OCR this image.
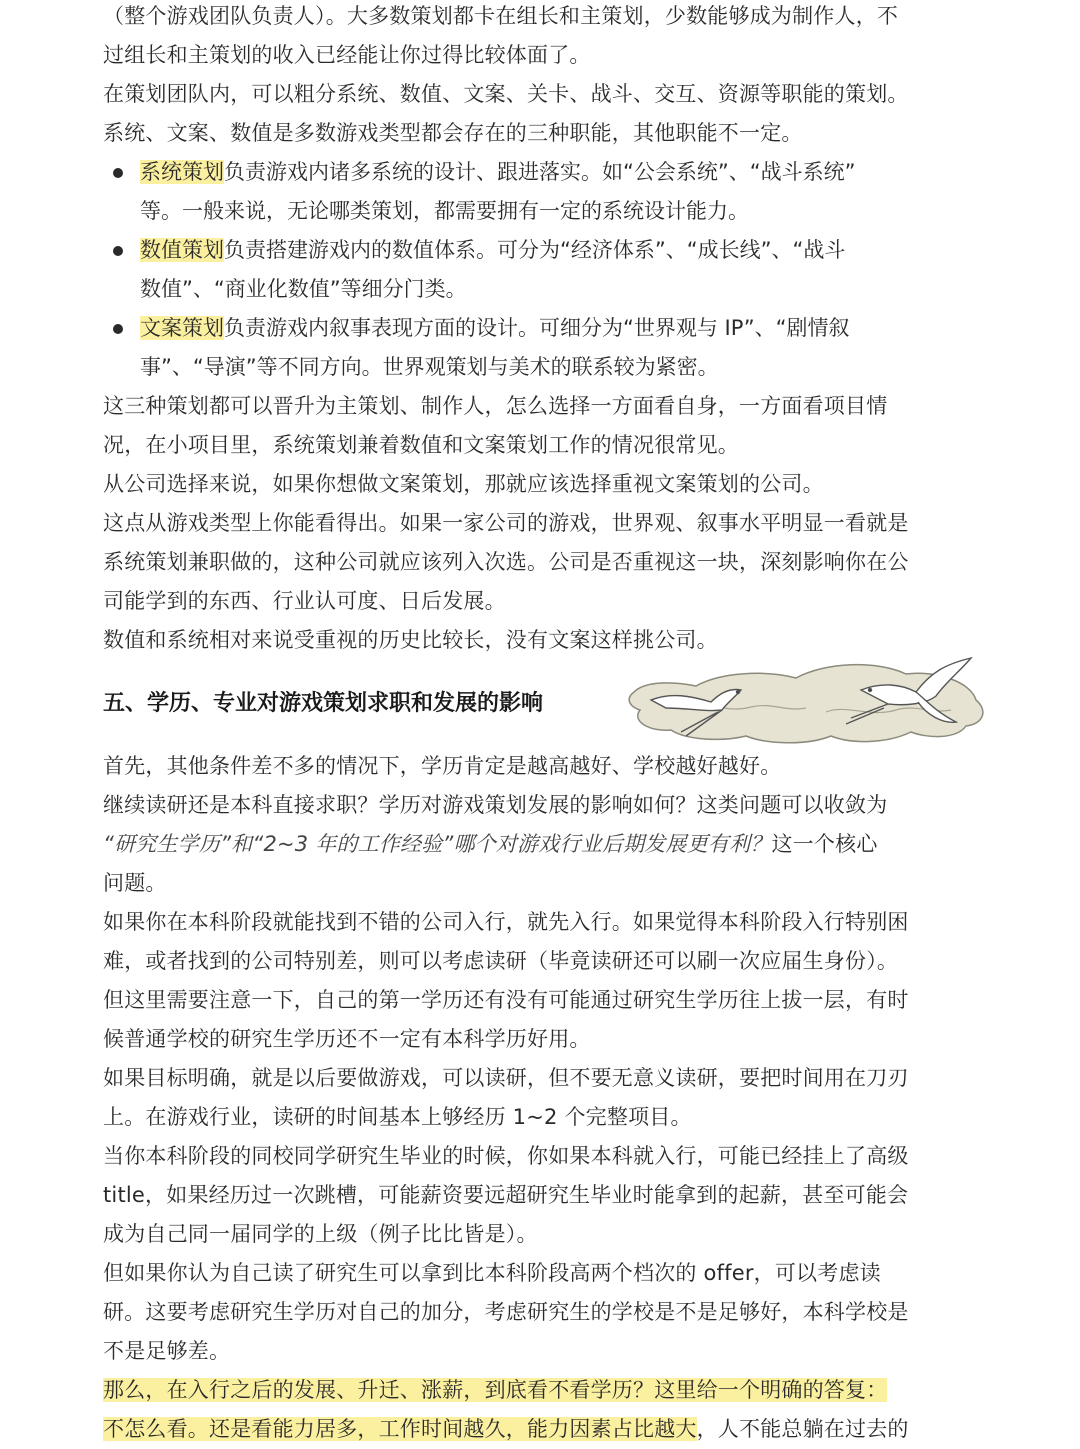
（整个游戏团队负责人）。大多数策划都卡在组长和主策划，少数能够成为制作人，不

过组长和主策划的收入已经能让你过得比较体面了。

在策划团队内，可以粗分系统、数值、文案、关卡、战斗、交互、资源等职能的策划。

系统、文案、数值是多数游戏类型都会存在的三种职能，其他职能不一定。

系统策划负责游戏内诸多系统的设计、跟进落实。如“公会系统”、“战斗系统”
等。一般来说，无论哪类策划，都需要拥有一定的系统设计能力。
数值策划负责搭建游戏内的数值体系。可分为“经济体系”、“成长线”、“战斗
数值”、“商业化数值”等细分门类。
文案策划负责游戏内叙事表现方面的设计。可细分为“世界观与 IP”、“剧情叙
事”、“导演”等不同方向。世界观策划与美术的联系较为紧密。

这三种策划都可以晋升为主策划、制作人，怎么选择一方面看自身，一方面看项目情

况，在小项目里，系统策划兼着数值和文案策划工作的情况很常见。

从公司选择来说，如果你想做文案策划，那就应该选择重视文案策划的公司。

这点从游戏类型上你能看得出。如果一家公司的游戏，世界观、叙事水平明显一看就是

系统策划兼职做的，这种公司就应该列入次选。公司是否重视这一块，深刻影响你在公

司能学到的东西、行业认可度、日后发展。

数值和系统相对来说受重视的历史比较长，没有文案这样挑公司。

五、学历、专业对游戏策划求职和发展的影响

首先，其他条件差不多的情况下，学历肯定是越高越好、学校越好越好。

继续读研还是本科直接求职？学历对游戏策划发展的影响如何？这类问题可以收敛为

“研究生学历”和“2~3 年的工作经验”哪个对游戏行业后期发展更有利？这一个核心

问题。

如果你在本科阶段就能找到不错的公司入行，就先入行。如果觉得本科阶段入行特别困

难，或者找到的公司特别差，则可以考虑读研（毕竟读研还可以刷一次应届生身份）。

但这里需要注意一下，自己的第一学历还有没有可能通过研究生学历往上拔一层，有时

候普通学校的研究生学历还不一定有本科学历好用。

如果目标明确，就是以后要做游戏，可以读研，但不要无意义读研，要把时间用在刀刃

上。在游戏行业，读研的时间基本上够经历 1~2 个完整项目。

当你本科阶段的同校同学研究生毕业的时候，你如果本科就入行，可能已经挂上了高级

title，如果经历过一次跳槽，可能薪资要远超研究生毕业时能拿到的起薪，甚至可能会

成为自己同一届同学的上级（例子比比皆是）。

但如果你认为自己读了研究生可以拿到比本科阶段高两个档次的 offer，可以考虑读

研。这要考虑研究生学历对自己的加分，考虑研究生的学校是不是足够好，本科学校是

不是足够差。

那么，在入行之后的发展、升迁、涨薪，到底看不看学历？这里给一个明确的答复：

不怎么看。还是看能力居多，工作时间越久，能力因素占比越大，人不能总躺在过去的
